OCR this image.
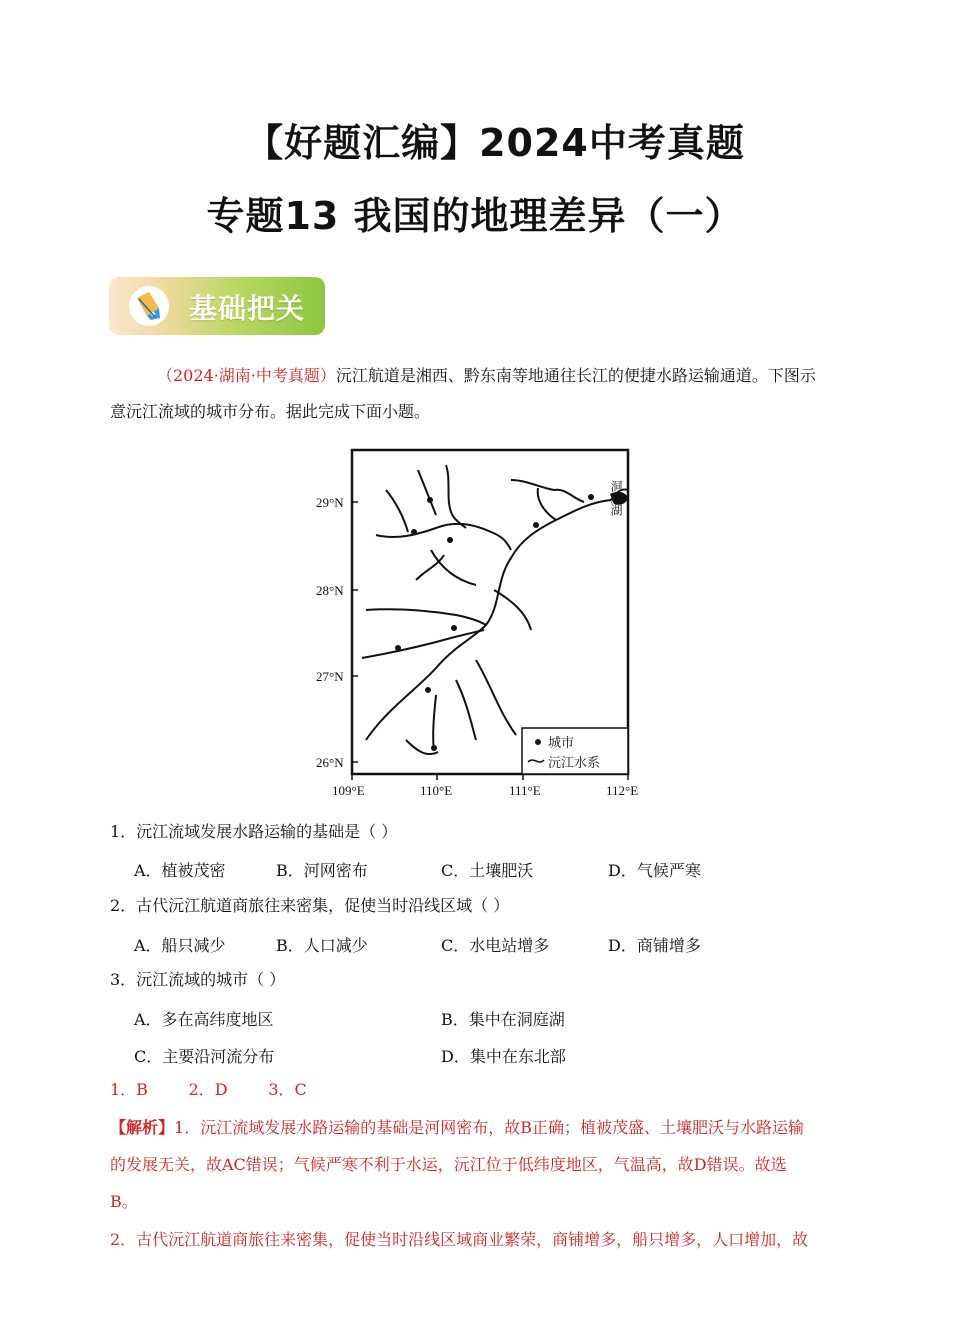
【好题汇编】2024中考真题
专题13 我国的地理差异（一）
基础把关
（2024·湖南·中考真题）沅江航道是湘西、黔东南等地通往长江的便捷水路运输通道。下图示
意沅江流域的城市分布。据此完成下面小题。
29°N
28°N
27°N
26°N
109°E	110°E	111°E	112°E
洞庭湖
城市
沅江水系
1．沅江流域发展水路运输的基础是（ ）
A．植被茂密	B．河网密布	C．土壤肥沃	D．气候严寒
2．古代沅江航道商旅往来密集，促使当时沿线区域（ ）
A．船只减少	B．人口减少	C．水电站增多	D．商铺增多
3．沅江流域的城市（ ）
A．多在高纬度地区	B．集中在洞庭湖
C．主要沿河流分布	D．集中在东北部
1．B        2．D        3．C
【解析】1．沅江流域发展水路运输的基础是河网密布，故B正确；植被茂盛、土壤肥沃与水路运输
的发展无关，故AC错误；气候严寒不利于水运，沅江位于低纬度地区，气温高，故D错误。故选
B。
2．古代沅江航道商旅往来密集，促使当时沿线区域商业繁荣，商铺增多，船只增多，人口增加，故
